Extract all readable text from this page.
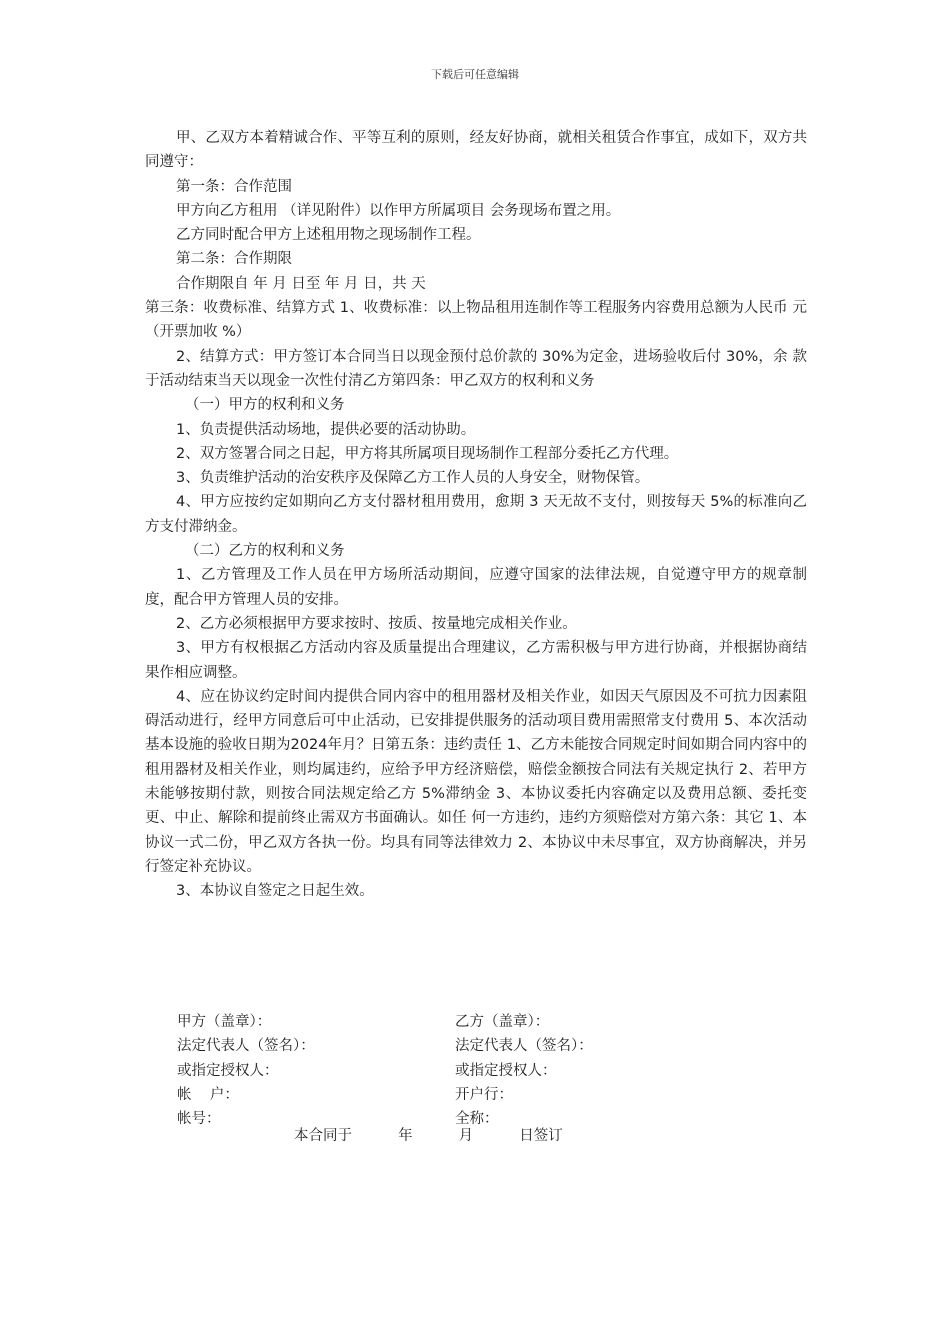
下载后可任意编辑

甲、乙双方本着精诚合作、平等互利的原则，经友好协商，就相关租赁合作事宜，成如下，双方共 同遵守：

第一条：合作范围

甲方向乙方租用 （详见附件）以作甲方所属项目 会务现场布置之用。

乙方同时配合甲方上述租用物之现场制作工程。

第二条：合作期限

合作期限自 年 月 日至 年 月 日，共 天

第三条：收费标准、结算方式 1、收费标准：以上物品租用连制作等工程服务内容费用总额为人民币 元（开票加收 %）

2、结算方式：甲方签订本合同当日以现金预付总价款的 30%为定金，进场验收后付 30%，余 款于活动结束当天以现金一次性付清乙方第四条：甲乙双方的权利和义务

（一）甲方的权利和义务

1、负责提供活动场地，提供必要的活动协助。

2、双方签署合同之日起，甲方将其所属项目现场制作工程部分委托乙方代理。

3、负责维护活动的治安秩序及保障乙方工作人员的人身安全，财物保管。

4、甲方应按约定如期向乙方支付器材租用费用，愈期 3 天无故不支付，则按每天 5%的标准向乙方支付滞纳金。

（二）乙方的权利和义务

1、乙方管理及工作人员在甲方场所活动期间，应遵守国家的法律法规，自觉遵守甲方的规章制度，配合甲方管理人员的安排。

2、乙方必须根据甲方要求按时、按质、按量地完成相关作业。

3、甲方有权根据乙方活动内容及质量提出合理建议，乙方需积极与甲方进行协商，并根据协商结果作相应调整。

4、应在协议约定时间内提供合同内容中的租用器材及相关作业，如因天气原因及不可抗力因素阻碍活动进行，经甲方同意后可中止活动，已安排提供服务的活动项目费用需照常支付费用 5、本次活动基本设施的验收日期为2024年月？日第五条：违约责任 1、乙方未能按合同规定时间如期合同内容中的租用器材及相关作业，则均属违约，应给予甲方经济赔偿，赔偿金额按合同法有关规定执行 2、若甲方未能够按期付款，则按合同法规定给乙方 5%滞纳金 3、本协议委托内容确定以及费用总额、委托变更、中止、解除和提前终止需双方书面确认。如任 何一方违约，违约方须赔偿对方第六条：其它 1、本协议一式二份，甲乙双方各执一份。均具有同等法律效力 2、本协议中未尽事宜，双方协商解决，并另行签定补充协议。

3、本协议自签定之日起生效。

甲方（盖章）：	乙方（盖章）：
法定代表人（签名）：	法定代表人（签名）：
或指定授权人：	或指定授权人：
帐    户：	开户行：
帐号：	全称：
本合同于          年          月          日签订
